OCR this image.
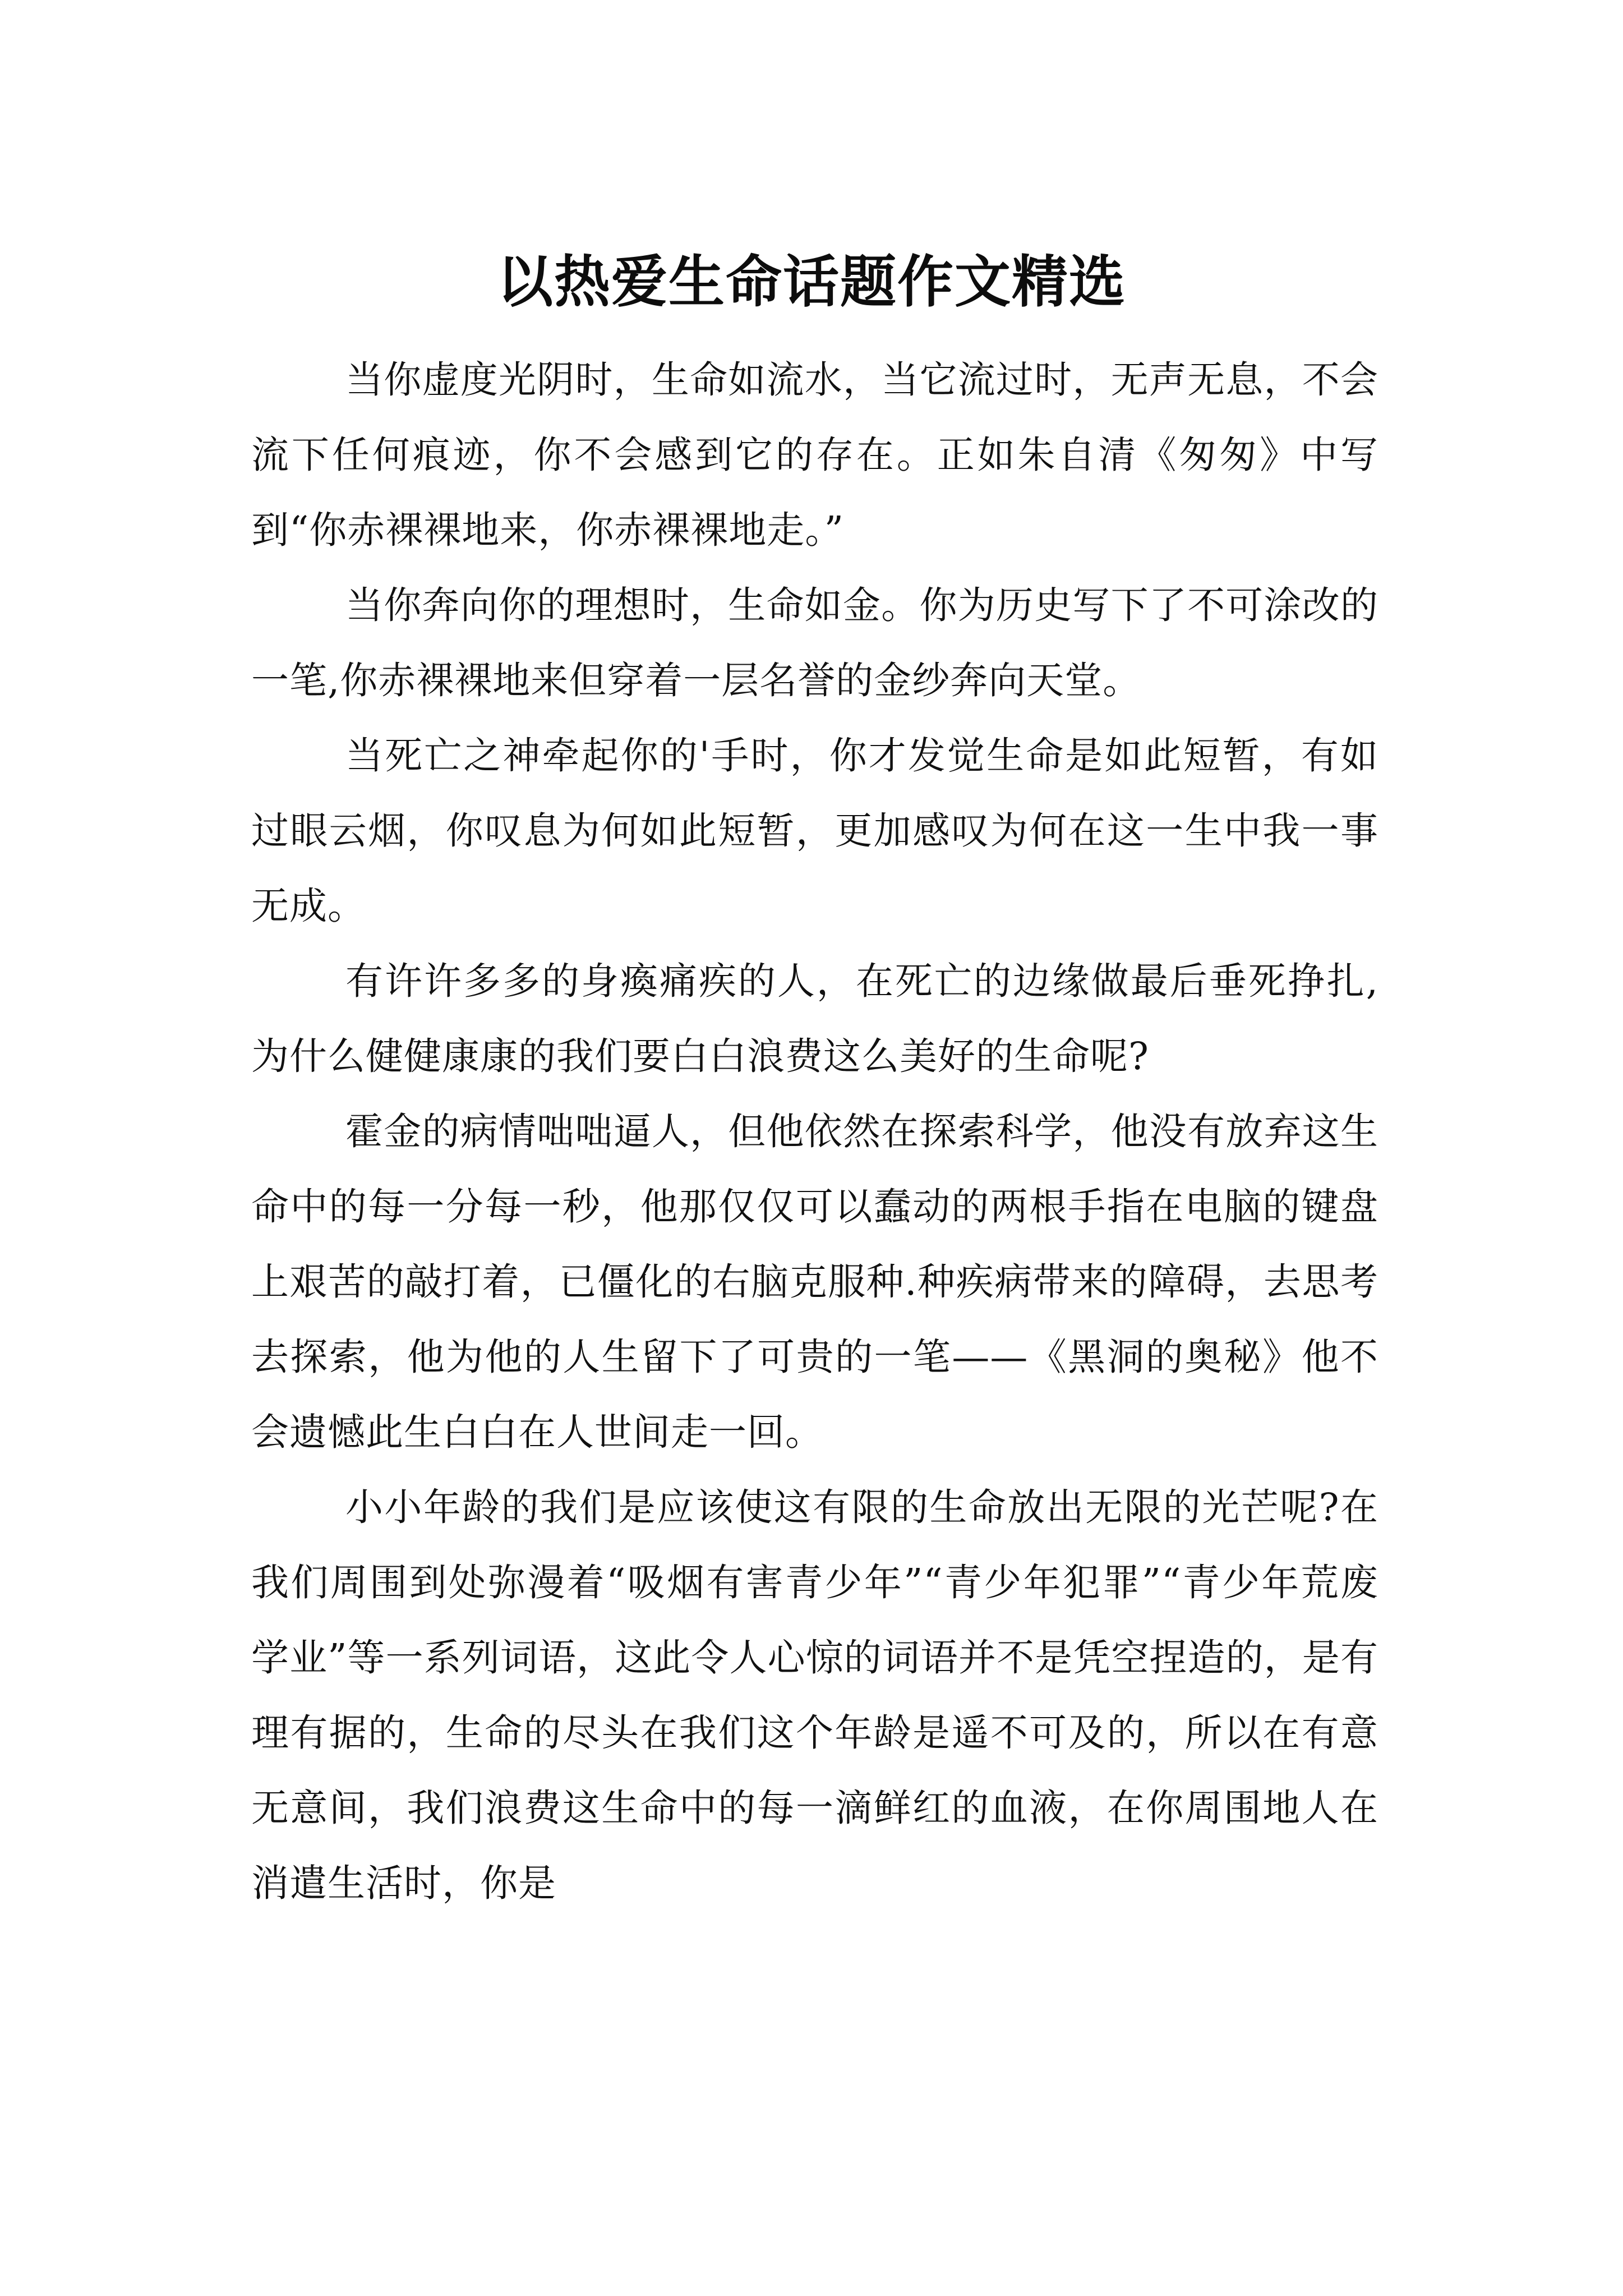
以热爱生命话题作文精选

当你虚度光阴时，生命如流水，当它流过时，无声无息，不会流下任何痕迹，你不会感到它的存在。正如朱自清《匆匆》中写到“你赤裸裸地来，你赤裸裸地走。”

当你奔向你的理想时，生命如金。你为历史写下了不可涂改的一笔,你赤裸裸地来但穿着一层名誉的金纱奔向天堂。

当死亡之神牵起你的'手时，你才发觉生命是如此短暂，有如过眼云烟，你叹息为何如此短暂，更加感叹为何在这一生中我一事无成。

有许许多多的身瘓痛疾的人，在死亡的边缘做最后垂死挣扎,为什么健健康康的我们要白白浪费这么美好的生命呢?

霍金的病情咄咄逼人，但他依然在探索科学，他没有放弃这生命中的每一分每一秒，他那仅仅可以蠢动的两根手指在电脑的键盘上艰苦的敲打着，已僵化的右脑克服种.种疾病带来的障碍，去思考去探索，他为他的人生留下了可贵的一笔——《黑洞的奥秘》他不会遗憾此生白白在人世间走一回。

小小年龄的我们是应该使这有限的生命放出无限的光芒呢?在我们周围到处弥漫着“吸烟有害青少年”“青少年犯罪”“青少年荒废学业”等一系列词语，这此令人心惊的词语并不是凭空捏造的，是有理有据的，生命的尽头在我们这个年龄是遥不可及的，所以在有意无意间，我们浪费这生命中的每一滴鲜红的血液，在你周围地人在消遣生活时，你是
